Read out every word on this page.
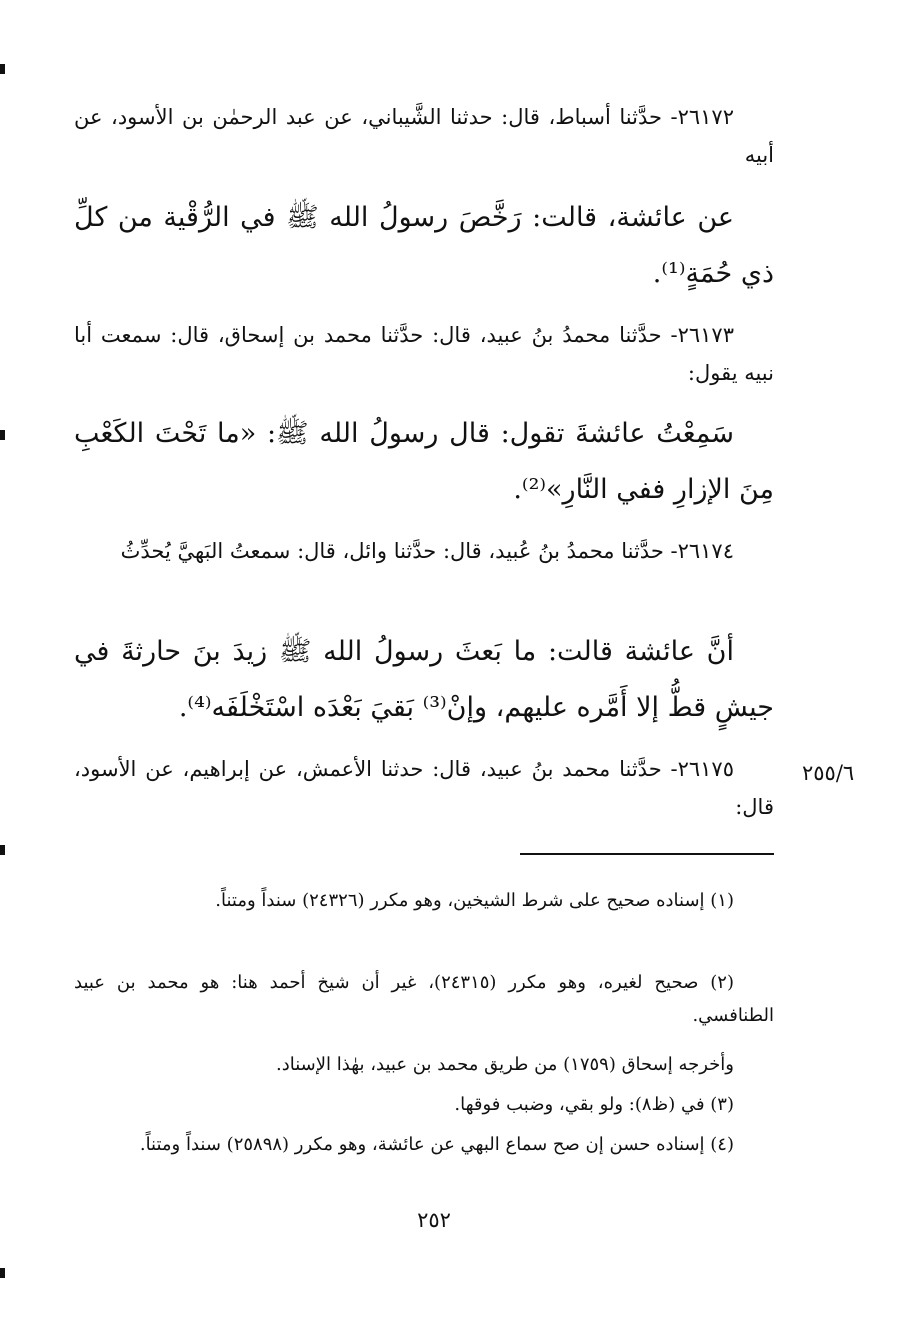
٢٦١٧٢- حدَّثنا أسباط، قال: حدثنا الشَّيباني، عن عبد الرحمٰن بن الأسود، عن أبيه

عن عائشة، قالت: رَخَّصَ رسولُ الله ﷺ في الرُّقْية من كلِّ ذي حُمَةٍ⁽¹⁾.

٢٦١٧٣- حدَّثنا محمدُ بنُ عبيد، قال: حدَّثنا محمد بن إسحاق، قال: سمعت أبا نبيه يقول:

سَمِعْتُ عائشةَ تقول: قال رسولُ الله ﷺ: «ما تَحْتَ الكَعْبِ مِنَ الإزارِ ففي النَّارِ»⁽²⁾.

٢٦١٧٤- حدَّثنا محمدُ بنُ عُبيد، قال: حدَّثنا وائل، قال: سمعتُ البَهيَّ يُحدِّثُ

أنَّ عائشة قالت: ما بَعثَ رسولُ الله ﷺ زيدَ بنَ حارثةَ في جيشٍ قطُّ إلا أَمَّره عليهم، وإنْ⁽³⁾ بَقيَ بَعْدَه اسْتَخْلَفَه⁽⁴⁾.

٢٦١٧٥- حدَّثنا محمد بنُ عبيد، قال: حدثنا الأعمش، عن إبراهيم، عن الأسود، قال:

٢٥٥/٦

(١) إسناده صحيح على شرط الشيخين، وهو مكرر (٢٤٣٢٦) سنداً ومتناً.

(٢) صحيح لغيره، وهو مكرر (٢٤٣١٥)، غير أن شيخ أحمد هنا: هو محمد بن عبيد الطنافسي.

وأخرجه إسحاق (١٧٥٩) من طريق محمد بن عبيد، بهٰذا الإسناد.

(٣) في (ظ٨): ولو بقي، وضبب فوقها.

(٤) إسناده حسن إن صح سماع البهي عن عائشة، وهو مكرر (٢٥٨٩٨) سنداً ومتناً.

٢٥٢
